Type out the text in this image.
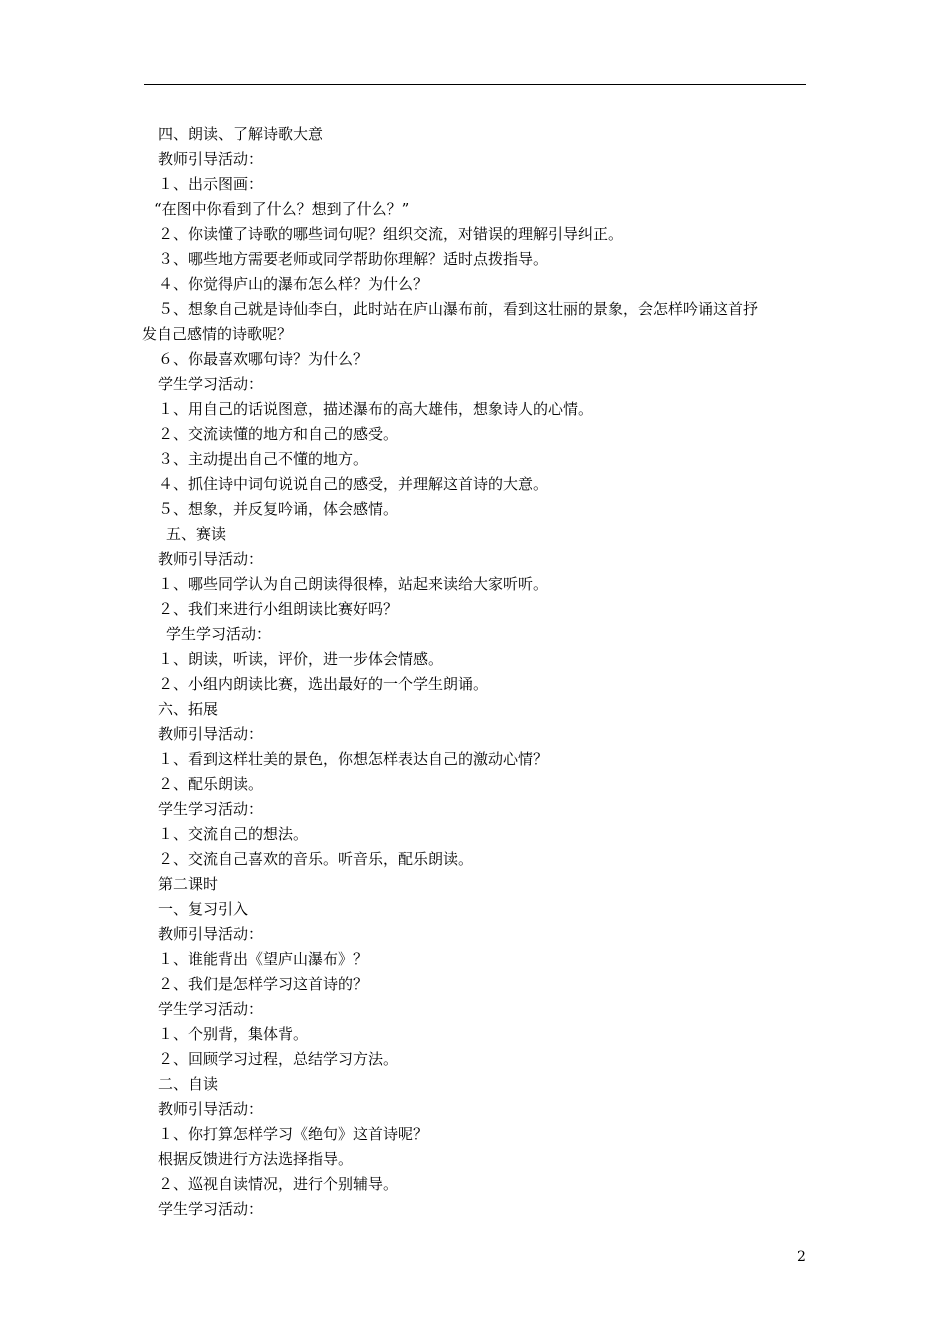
四、朗读、了解诗歌大意
教师引导活动：
１、出示图画：
“在图中你看到了什么？想到了什么？”
２、你读懂了诗歌的哪些词句呢？组织交流，对错误的理解引导纠正。
３、哪些地方需要老师或同学帮助你理解？适时点拨指导。
４、你觉得庐山的瀑布怎么样？为什么？
５、想象自己就是诗仙李白，此时站在庐山瀑布前，看到这壮丽的景象，会怎样吟诵这首抒
发自己感情的诗歌呢？
６、你最喜欢哪句诗？为什么？
学生学习活动：
１、用自己的话说图意，描述瀑布的高大雄伟，想象诗人的心情。
２、交流读懂的地方和自己的感受。
３、主动提出自己不懂的地方。
４、抓住诗中词句说说自己的感受，并理解这首诗的大意。
５、想象，并反复吟诵，体会感情。
五、赛读
教师引导活动：
１、哪些同学认为自己朗读得很棒，站起来读给大家听听。
２、我们来进行小组朗读比赛好吗？
学生学习活动：
１、朗读，听读，评价，进一步体会情感。
２、小组内朗读比赛，选出最好的一个学生朗诵。
六、拓展
教师引导活动：
１、看到这样壮美的景色，你想怎样表达自己的激动心情？
２、配乐朗读。
学生学习活动：
１、交流自己的想法。
２、交流自己喜欢的音乐。听音乐，配乐朗读。
第二课时
一、复习引入
教师引导活动：
１、谁能背出《望庐山瀑布》？
２、我们是怎样学习这首诗的？
学生学习活动：
１、个别背，集体背。
２、回顾学习过程，总结学习方法。
二、自读
教师引导活动：
１、你打算怎样学习《绝句》这首诗呢？
根据反馈进行方法选择指导。
２、巡视自读情况，进行个别辅导。
学生学习活动：
2
